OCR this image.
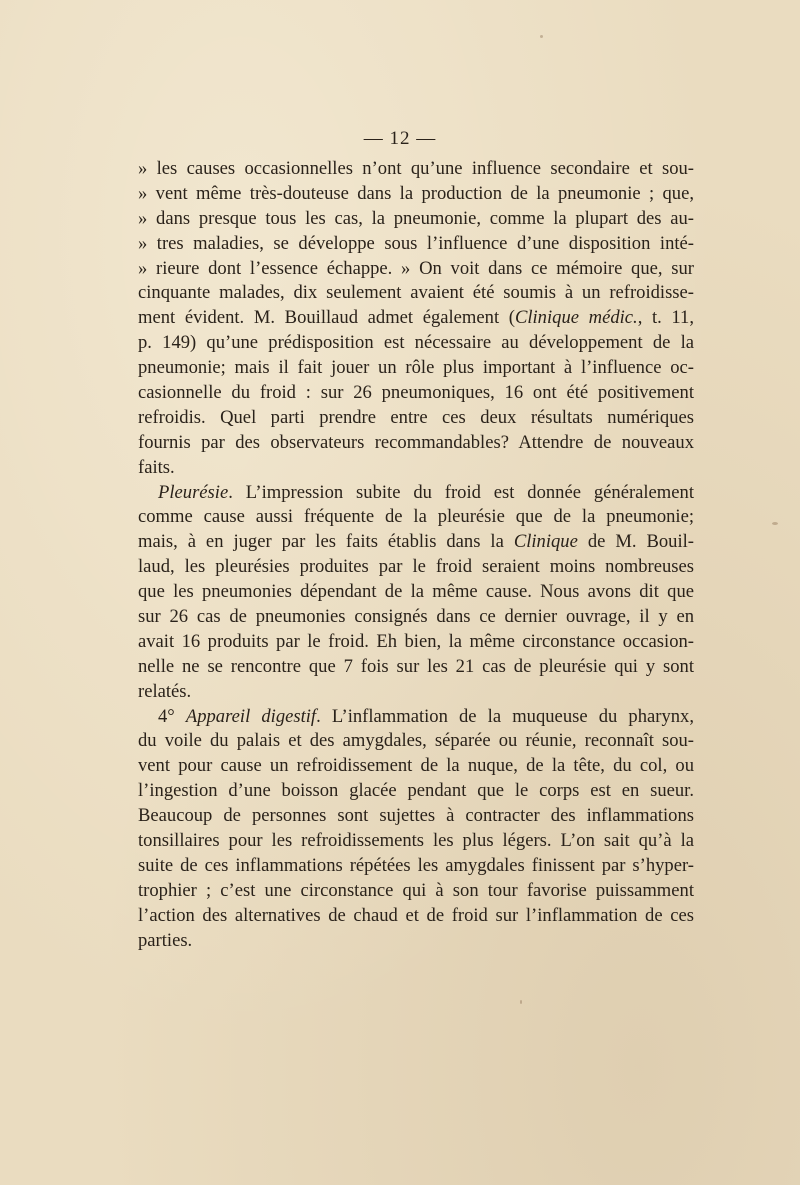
— 12 —
» les causes occasionnelles n’ont qu’une influence secondaire et sou-
» vent même très-douteuse dans la production de la pneumonie ; que,
» dans presque tous les cas, la pneumonie, comme la plupart des au-
» tres maladies, se développe sous l’influence d’une disposition inté-
» rieure dont l’essence échappe. » On voit dans ce mémoire que, sur
cinquante malades, dix seulement avaient été soumis à un refroidisse-
ment évident. M. Bouillaud admet également (Clinique médic., t. 11,
p. 149) qu’une prédisposition est nécessaire au développement de la
pneumonie; mais il fait jouer un rôle plus important à l’influence oc-
casionnelle du froid : sur 26 pneumoniques, 16 ont été positivement
refroidis. Quel parti prendre entre ces deux résultats numériques
fournis par des observateurs recommandables? Attendre de nouveaux
faits.
Pleurésie. L’impression subite du froid est donnée généralement
comme cause aussi fréquente de la pleurésie que de la pneumonie;
mais, à en juger par les faits établis dans la Clinique de M. Bouil-
laud, les pleurésies produites par le froid seraient moins nombreuses
que les pneumonies dépendant de la même cause. Nous avons dit que
sur 26 cas de pneumonies consignés dans ce dernier ouvrage, il y en
avait 16 produits par le froid. Eh bien, la même circonstance occasion-
nelle ne se rencontre que 7 fois sur les 21 cas de pleurésie qui y sont
relatés.
4° Appareil digestif. L’inflammation de la muqueuse du pharynx,
du voile du palais et des amygdales, séparée ou réunie, reconnaît sou-
vent pour cause un refroidissement de la nuque, de la tête, du col, ou
l’ingestion d’une boisson glacée pendant que le corps est en sueur.
Beaucoup de personnes sont sujettes à contracter des inflammations
tonsillaires pour les refroidissements les plus légers. L’on sait qu’à la
suite de ces inflammations répétées les amygdales finissent par s’hyper-
trophier ; c’est une circonstance qui à son tour favorise puissamment
l’action des alternatives de chaud et de froid sur l’inflammation de ces
parties.
